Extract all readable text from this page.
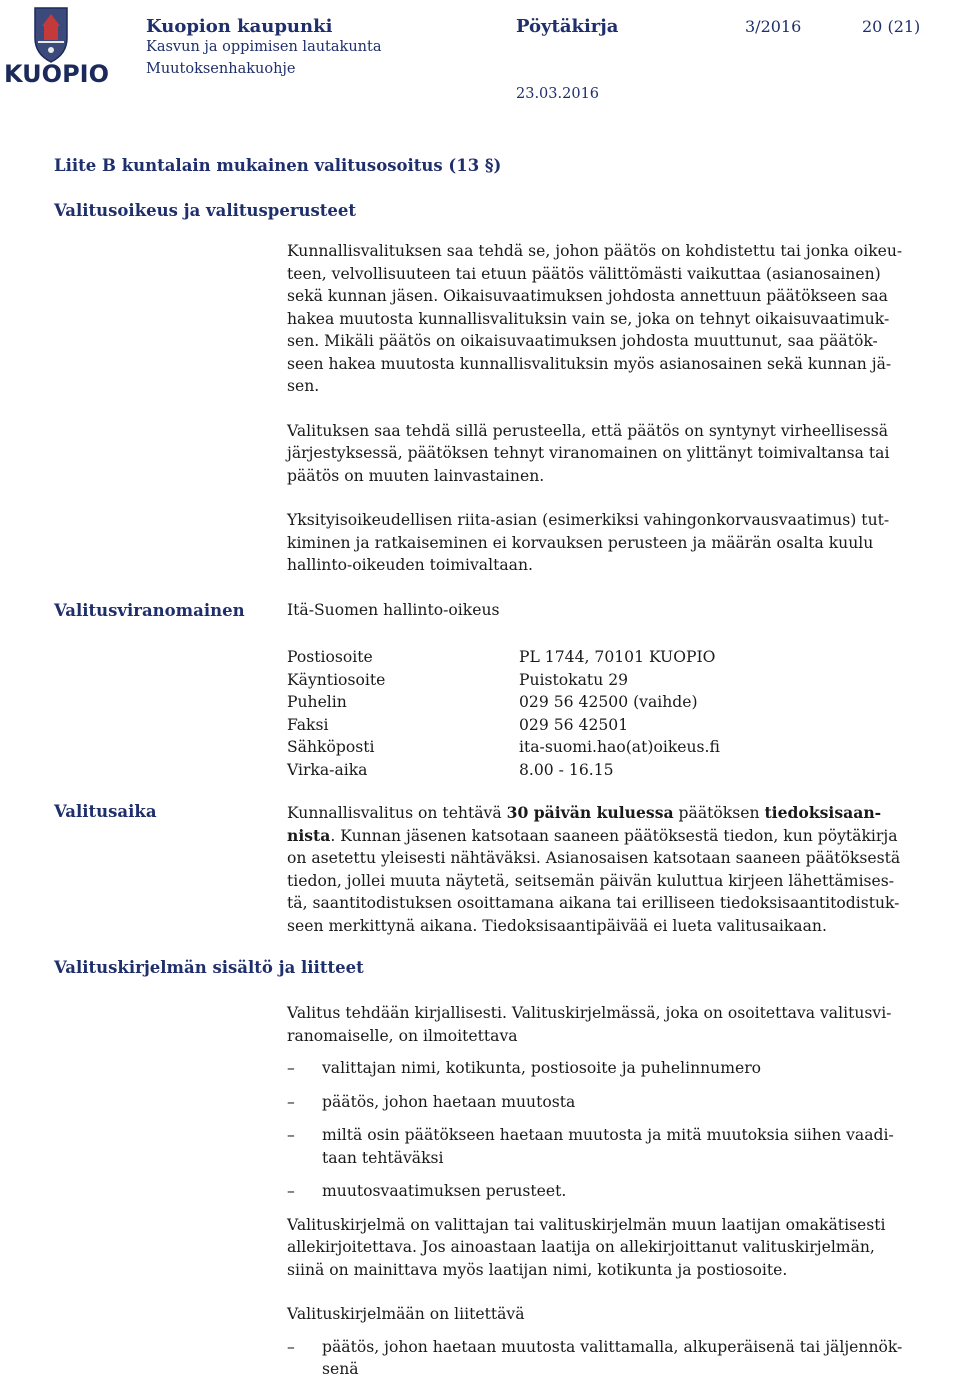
KUOPIO
Kuopion kaupunki
Kasvun ja oppimisen lautakunta
Muutoksenhakuohje
Pöytäkirja	3/2016	20 (21)
23.03.2016
Liite B kuntalain mukainen valitusosoitus (13 §)
Valitusoikeus ja valitusperusteet

Kunnallisvalituksen saa tehdä se, johon päätös on kohdistettu tai jonka oikeu-
teen, velvollisuuteen tai etuun päätös välittömästi vaikuttaa (asianosainen)
sekä kunnan jäsen. Oikaisuvaatimuksen johdosta annettuun päätökseen saa
hakea muutosta kunnallisvalituksin vain se, joka on tehnyt oikaisuvaatimuk-
sen. Mikäli päätös on oikaisuvaatimuksen johdosta muuttunut, saa päätök-
seen hakea muutosta kunnallisvalituksin myös asianosainen sekä kunnan jä-
sen.

Valituksen saa tehdä sillä perusteella, että päätös on syntynyt virheellisessä
järjestyksessä, päätöksen tehnyt viranomainen on ylittänyt toimivaltansa tai
päätös on muuten lainvastainen.

Yksityisoikeudellisen riita-asian (esimerkiksi vahingonkorvausvaatimus) tut-
kiminen ja ratkaiseminen ei korvauksen perusteen ja määrän osalta kuulu
hallinto-oikeuden toimivaltaan.

Valitusviranomainen	Itä-Suomen hallinto-oikeus
Postiosoite	PL 1744, 70101 KUOPIO
Käyntiosoite	Puistokatu 29
Puhelin	029 56 42500 (vaihde)
Faksi	029 56 42501
Sähköposti	ita-suomi.hao(at)oikeus.fi
Virka-aika	8.00 - 16.15
Valitusaika	Kunnallisvalitus on tehtävä 30 päivän kuluessa päätöksen tiedoksisaan-
nista. Kunnan jäsenen katsotaan saaneen päätöksestä tiedon, kun pöytäkirja
on asetettu yleisesti nähtäväksi. Asianosaisen katsotaan saaneen päätöksestä
tiedon, jollei muuta näytetä, seitsemän päivän kuluttua kirjeen lähettämises-
tä, saantitodistuksen osoittamana aikana tai erilliseen tiedoksisaantitodistuk-
seen merkittynä aikana. Tiedoksisaantipäivää ei lueta valitusaikaan.

Valituskirjelmän sisältö ja liitteet

Valitus tehdään kirjallisesti. Valituskirjelmässä, joka on osoitettava valitusvi-
ranomaiselle, on ilmoitettava

– valittajan nimi, kotikunta, postiosoite ja puhelinnumero
– päätös, johon haetaan muutosta
– miltä osin päätökseen haetaan muutosta ja mitä muutoksia siihen vaadi-
taan tehtäväksi
– muutosvaatimuksen perusteet.

Valituskirjelmä on valittajan tai valituskirjelmän muun laatijan omakätisesti
allekirjoitettava. Jos ainoastaan laatija on allekirjoittanut valituskirjelmän,
siinä on mainittava myös laatijan nimi, kotikunta ja postiosoite.

Valituskirjelmään on liitettävä

– päätös, johon haetaan muutosta valittamalla, alkuperäisenä tai jäljennök-
senä
